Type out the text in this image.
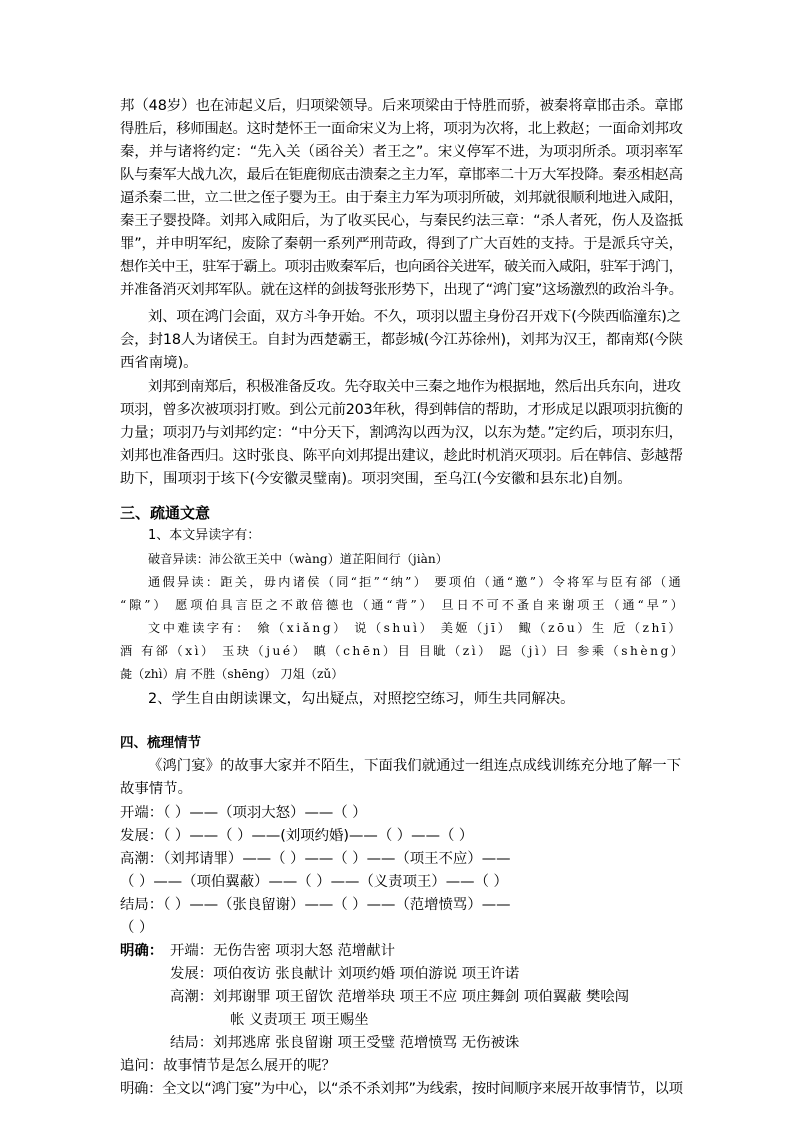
邦（48岁）也在沛起义后，归项梁领导。后来项梁由于恃胜而骄，被秦将章邯击杀。章邯
得胜后，移师围赵。这时楚怀王一面命宋义为上将，项羽为次将，北上救赵；一面命刘邦攻
秦，并与诸将约定：“先入关（函谷关）者王之”。宋义停军不进，为项羽所杀。项羽率军
队与秦军大战九次，最后在钜鹿彻底击溃秦之主力军，章邯率二十万大军投降。秦丞相赵高
逼杀秦二世，立二世之侄子婴为王。由于秦主力军为项羽所破，刘邦就很顺利地进入咸阳，
秦王子婴投降。刘邦入咸阳后，为了收买民心，与秦民约法三章：“杀人者死，伤人及盗抵
罪”，并申明军纪，废除了秦朝一系列严刑苛政，得到了广大百姓的支持。于是派兵守关，
想作关中王，驻军于霸上。项羽击败秦军后，也向函谷关进军，破关而入咸阳，驻军于鸿门，
并准备消灭刘邦军队。就在这样的剑拔弩张形势下，出现了“鸿门宴”这场激烈的政治斗争。
刘、项在鸿门会面，双方斗争开始。不久，项羽以盟主身份召开戏下(今陕西临潼东)之
会，封18人为诸侯王。自封为西楚霸王，都彭城(今江苏徐州)，刘邦为汉王，都南郑(今陕
西省南境)。
刘邦到南郑后，积极准备反攻。先夺取关中三秦之地作为根据地，然后出兵东向，进攻
项羽，曾多次被项羽打败。到公元前203年秋，得到韩信的帮助，才形成足以跟项羽抗衡的
力量；项羽乃与刘邦约定：“中分天下，割鸿沟以西为汉，以东为楚。”定约后，项羽东归，
刘邦也准备西归。这时张良、陈平向刘邦提出建议，趁此时机消灭项羽。后在韩信、彭越帮
助下，围项羽于垓下(今安徽灵璧南)。项羽突围，至乌江(今安徽和县东北)自刎。
三、疏通文意
1、本文异读字有：
破音异读：沛公欲王关中（wàng）道芷阳间行（jiàn）
通假异读：距关，毋内诸侯（同“拒”“纳”） 要项伯（通“邀”）令将军与臣有郤（通
“隙”） 愿项伯具言臣之不敢倍德也（通“背”） 旦日不可不蚤自来谢项王（通“早”）
文中难读字有： 飨（xiǎng） 说（shuì） 美姬（jī） 鲰（zōu）生 卮（zhī）
酒 有郤（xì） 玉玦（jué） 瞋（chēn）目 目眦（zì） 跽（jì）曰 参乘（shèng）
彘（zhì）肩 不胜（shēng） 刀俎（zǔ）
2、学生自由朗读课文，勾出疑点，对照挖空练习，师生共同解决。
四、梳理情节
《鸿门宴》的故事大家并不陌生，下面我们就通过一组连点成线训练充分地了解一下
故事情节。
开端：（ ）——（项羽大怒）——（ ）
发展：（ ）——（ ）——(刘项约婚)——（ ）——（ ）
高潮：（刘邦请罪）——（ ）——（ ）——（项王不应）——
（ ）——（项伯翼蔽）——（ ）——（义责项王）——（ ）
结局：（ ）——（张良留谢）——（ ）——（范增愤骂）——
（ ）
明确： 开端：无伤告密 项羽大怒 范增献计
发展：项伯夜访 张良献计 刘项约婚 项伯游说 项王许诺
高潮：刘邦谢罪 项王留饮 范增举玦 项王不应 项庄舞剑 项伯翼蔽 樊哙闯
帐 义责项王 项王赐坐
结局：刘邦逃席 张良留谢 项王受璧 范增愤骂 无伤被诛
追问：故事情节是怎么展开的呢？
明确：全文以“鸿门宴”为中心，以“杀不杀刘邦”为线索，按时间顺序来展开故事情节，以项
